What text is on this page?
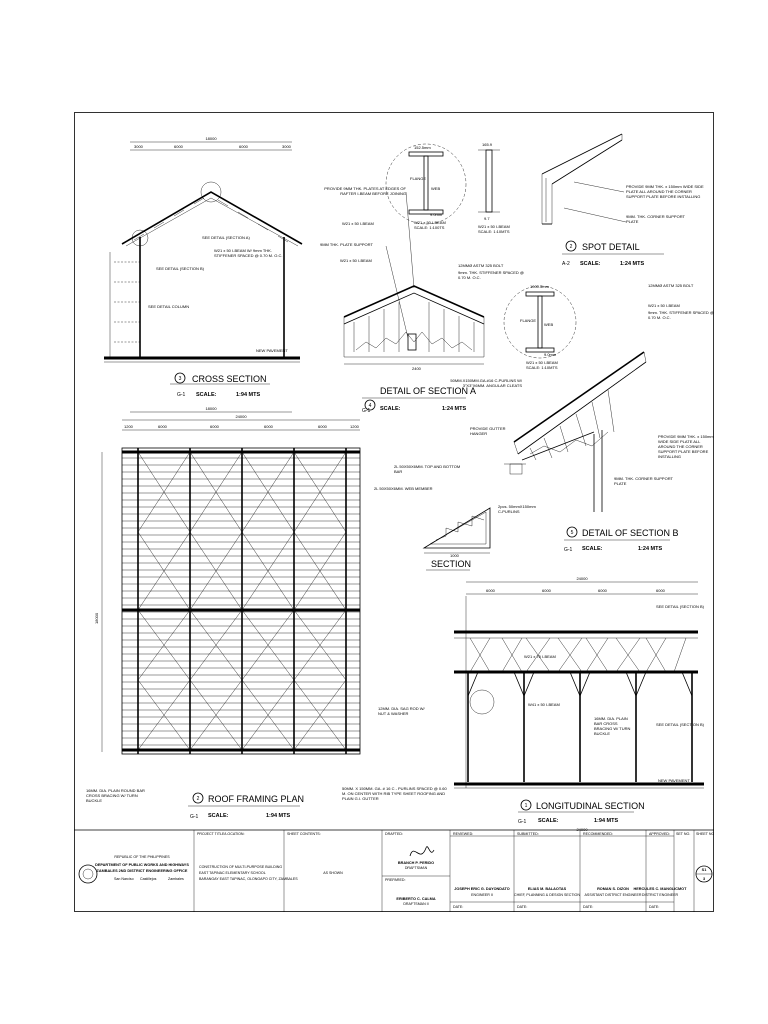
18000
3000	6000	6000	3000
SEE DETAIL (SECTION A)
SEE DETAIL (SECTION B)
SEE DETAIL COLUMN
W21 x 50 I-BEAM W/ 9mm THK. STIFFENER SPACED @ 0.70 M. O.C.
NEW PAVEMENT
3 CROSS SECTION
G-1 SCALE:	1:94 MTS
18000
152.5mm
FLANGE
WEB
9.0mm
W21 x 50 I-BEAM
SCALE: 1:100TS
165.9
9.7
W21 x 50 I-BEAM
SCALE: 1:10MTS
2400
PROVIDE 9MM THK. PLATES AT EDGES OF RAFTER I-BEAM BEFORE JOINING
W21 x 50 I-BEAM
9MM THK. PLATE SUPPORT
W21 x 50 I-BEAM
12MMØ ASTM 325 BOLT
9mm. THK. STIFFENER SPACED @ 0.70 M. O.C.
4
DETAIL OF SECTION A
G-1 SCALE:	1:24 MTS
PROVIDE 9MM THK. x 150mm WIDE SIDE PLATE ALL AROUND THE CORNER SUPPORT PLATE BEFORE INSTALLING
9MM. THK. CORNER SUPPORT PLATE
2 SPOT DETAIL
A-2 SCALE:	1:24 MTS
1000.5mm
FLANGE
WEB
9.0mm
W21 x 50 I-BEAM
SCALE: 1:10MTS
12MMØ ASTM 325 BOLT
W21 x 50 I-BEAM
9mm. THK. STIFFENER SPACED @ 0.70 M. O.C.
50MM.X150MM.GA.#16 C-PURLINS W/ 3"X3"X6MM. ANGULAR CLEATS
PROVIDE GUTTER HANGER
PROVIDE 9MM THK. x 150mm WIDE SIDE PLATE ALL AROUND THE CORNER SUPPORT PLATE BEFORE INSTALLING
9MM. THK. CORNER SUPPORT PLATE
2pcs. 50mmX150mm C-PURLINS
5 DETAIL OF SECTION B
G-1 SCALE:	1:24 MTS
1000
SECTION
2L 50X50X6MM. TOP AND BOTTOM BAR
2L 50X50X6MM. WEB MEMBER
24000
1200	6000	6000	6000	6000	1200
18000
16MM. DIA. PLAIN ROUND BAR CROSS BRACING W/ TURN BUCKLE
12MM. DIA. SAG ROD W/ NUT & WASHER
50MM. X 150MM. GA. # 16 C - PURLINS SPACED @ 0.60 M. ON CENTER WITH RIB TYPE SHEET ROOFING AND PLAIN G.I. GUTTER
2 ROOF FRAMING PLAN
G-1 SCALE:	1:94 MTS
24000
6000	6000	6000	6000
W21 x 75 I-BEAM
W41 x 50 I-BEAM
16MM. DIA. PLAIN BAR CROSS BRACING W/ TURN BUCKLE
SEE DETAIL (SECTION B)
SEE DETAIL (SECTION B)
NEW PAVEMENT
1 LONGITUDINAL SECTION
G-1 SCALE:	1:94 MTS
24000
REPUBLIC OF THE PHILIPPINES
DEPARTMENT OF PUBLIC WORKS AND HIGHWAYS
ZAMBALES 2ND DISTRICT ENGINEERING OFFICE
San Narciso Castillejos	Zambales
PROJECT TITLE/LOCATION:
CONSTRUCTION OF MULTI-PURPOSE BUILDING
EAST TAPINAC ELEMENTARY SCHOOL
BARANGAY EAST TAPINAC, OLONGAPO CITY, ZAMBALES
SHEET CONTENTS:
AS SHOWN
DRAFTED:
BRANCH P. PERIDO
DRAFTSMAN
PREPARED:
ERIBERTO C. CALMA
DRAFTSMAN II
REVIEWED:
JOSEPH ERIC G. DAYONDATO
ENGINEER II
DATE:
SUBMITTED:
ELIAS M. BALAOTAS
CHIEF, PLANNING & DESIGN SECTION
DATE:
RECOMMENDED:
ROMAN S. DIZON
ASSISTANT DISTRICT ENGINEER
DATE:
APPROVED:
HERCULES C. MANGLICMOT
DISTRICT ENGINEER
DATE:
SET NO. SHEET NO.
S1
3
